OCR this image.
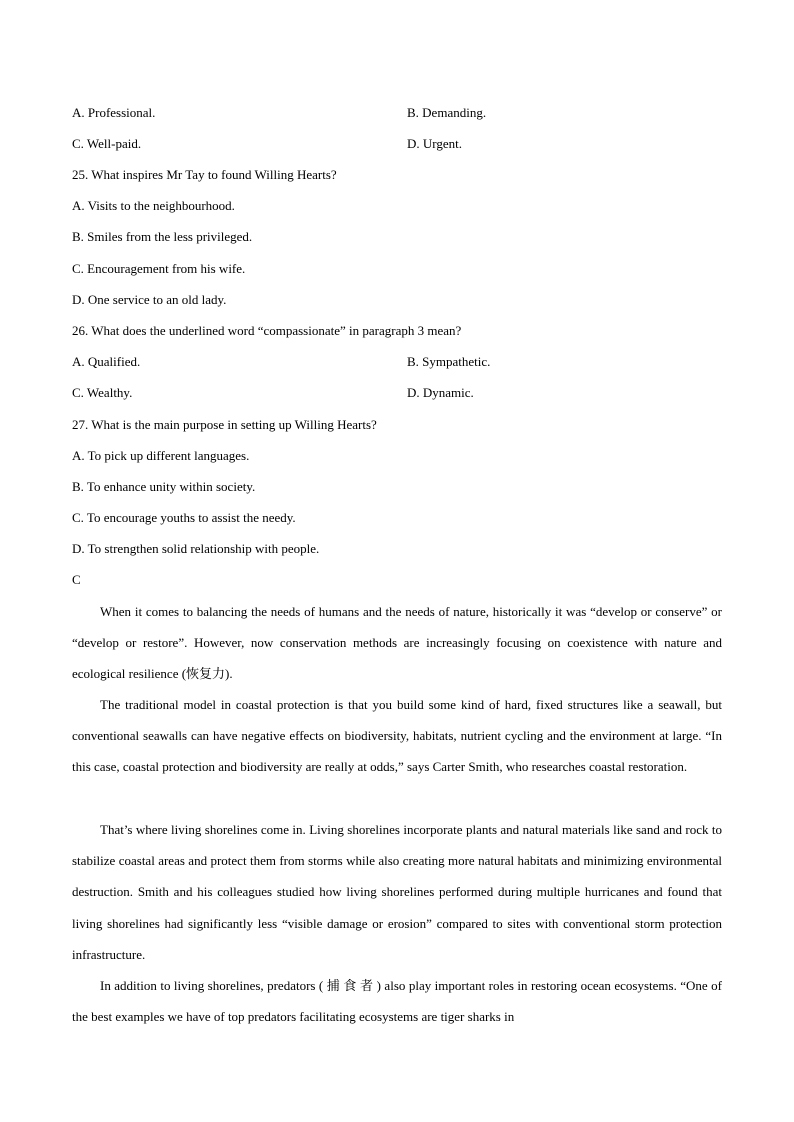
A. Professional.	B. Demanding.
C. Well-paid.	D. Urgent.
25. What inspires Mr Tay to found Willing Hearts?
A. Visits to the neighbourhood.
B. Smiles from the less privileged.
C. Encouragement from his wife.
D. One service to an old lady.
26. What does the underlined word “compassionate” in paragraph 3 mean?
A. Qualified.	B. Sympathetic.
C. Wealthy.	D. Dynamic.
27. What is the main purpose in setting up Willing Hearts?
A. To pick up different languages.
B. To enhance unity within society.
C. To encourage youths to assist the needy.
D. To strengthen solid relationship with people.
C

When it comes to balancing the needs of humans and the needs of nature, historically it was “develop or conserve” or “develop or restore”. However, now conservation methods are increasingly focusing on coexistence with nature and ecological resilience (恢复力).

The traditional model in coastal protection is that you build some kind of hard, fixed structures like a seawall, but conventional seawalls can have negative effects on biodiversity, habitats, nutrient cycling and the environment at large. “In this case, coastal protection and biodiversity are really at odds,” says Carter Smith, who researches coastal restoration.

That’s where living shorelines come in. Living shorelines incorporate plants and natural materials like sand and rock to stabilize coastal areas and protect them from storms while also creating more natural habitats and minimizing environmental destruction. Smith and his colleagues studied how living shorelines performed during multiple hurricanes and found that living shorelines had significantly less “visible damage or erosion” compared to sites with conventional storm protection infrastructure.

In addition to living shorelines, predators ( 捕 食 者 ) also play important roles in restoring ocean ecosystems. “One of the best examples we have of top predators facilitating ecosystems are tiger sharks in
